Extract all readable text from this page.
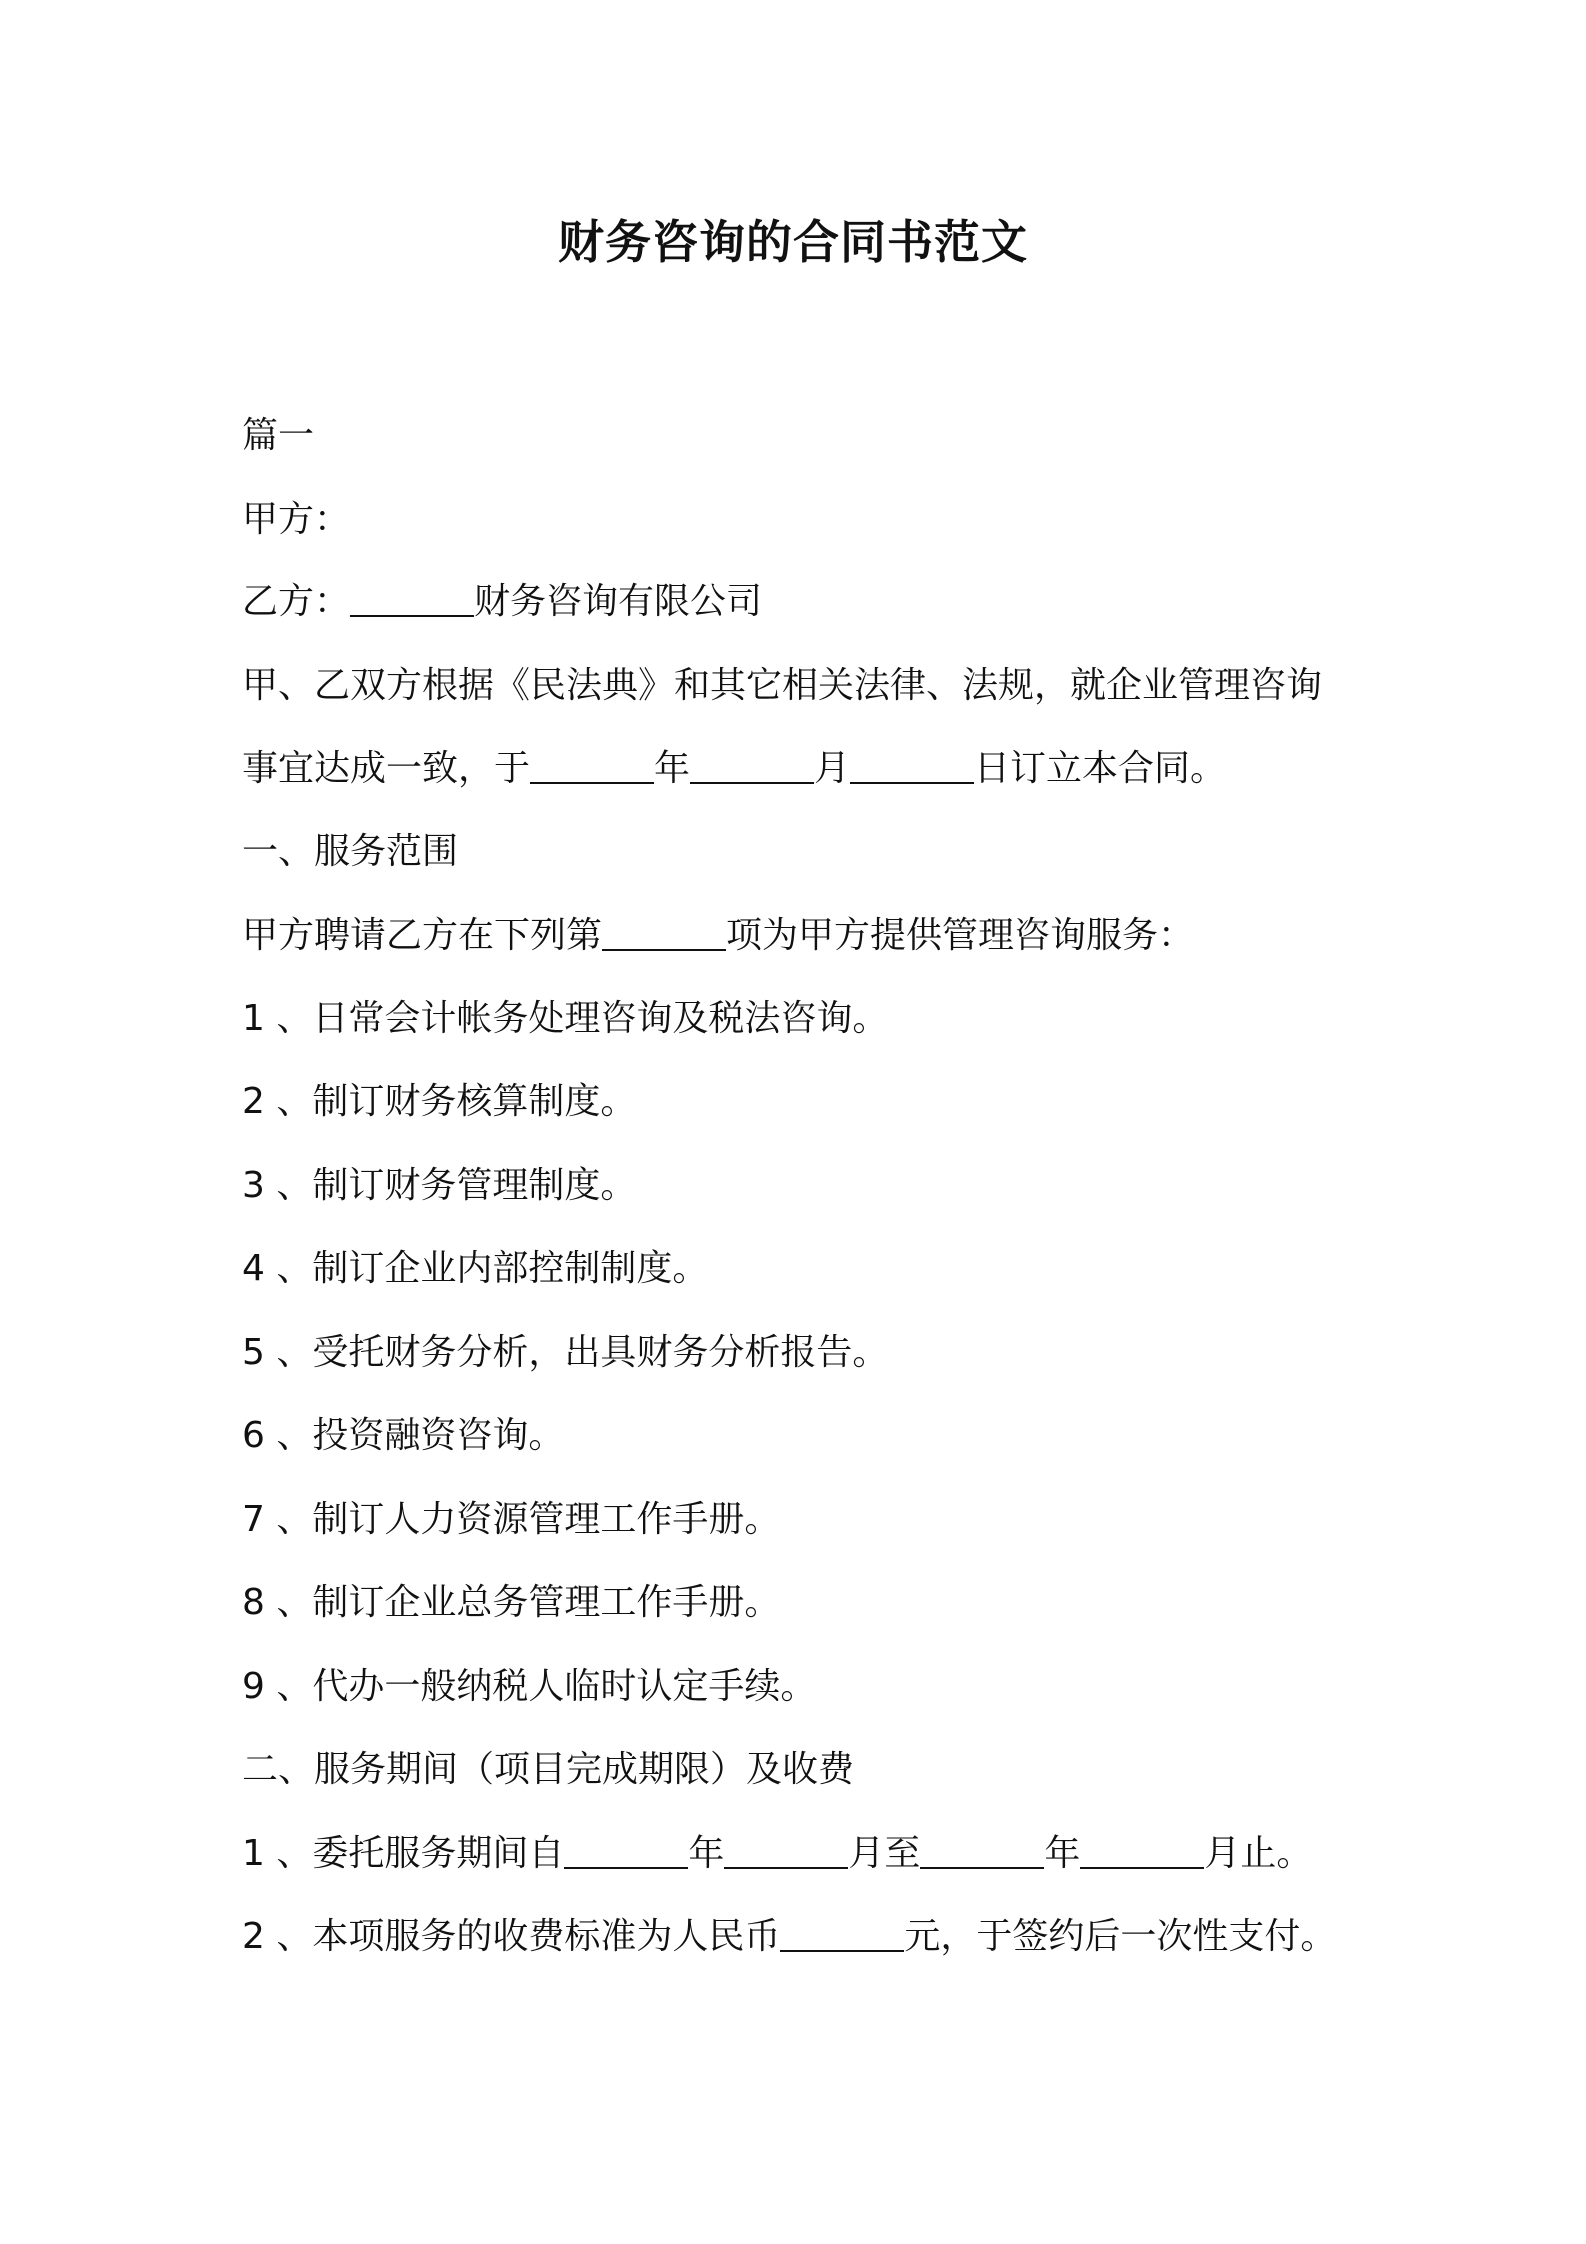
财务咨询的合同书范文
篇一
甲方：
乙方：	财务咨询有限公司
甲、乙双方根据《民法典》和其它相关法律、法规，就企业管理咨询
事宜达成一致，于	年	月	日订立本合同。
一、服务范围
甲方聘请乙方在下列第	项为甲方提供管理咨询服务：
1 、日常会计帐务处理咨询及税法咨询。
2 、制订财务核算制度。
3 、制订财务管理制度。
4 、制订企业内部控制制度。
5 、受托财务分析，出具财务分析报告。
6 、投资融资咨询。
7 、制订人力资源管理工作手册。
8 、制订企业总务管理工作手册。
9 、代办一般纳税人临时认定手续。
二、服务期间（项目完成期限）及收费
1 、委托服务期间自	年	月至	年	月止。
2 、本项服务的收费标准为人民币	元，于签约后一次性支付。
